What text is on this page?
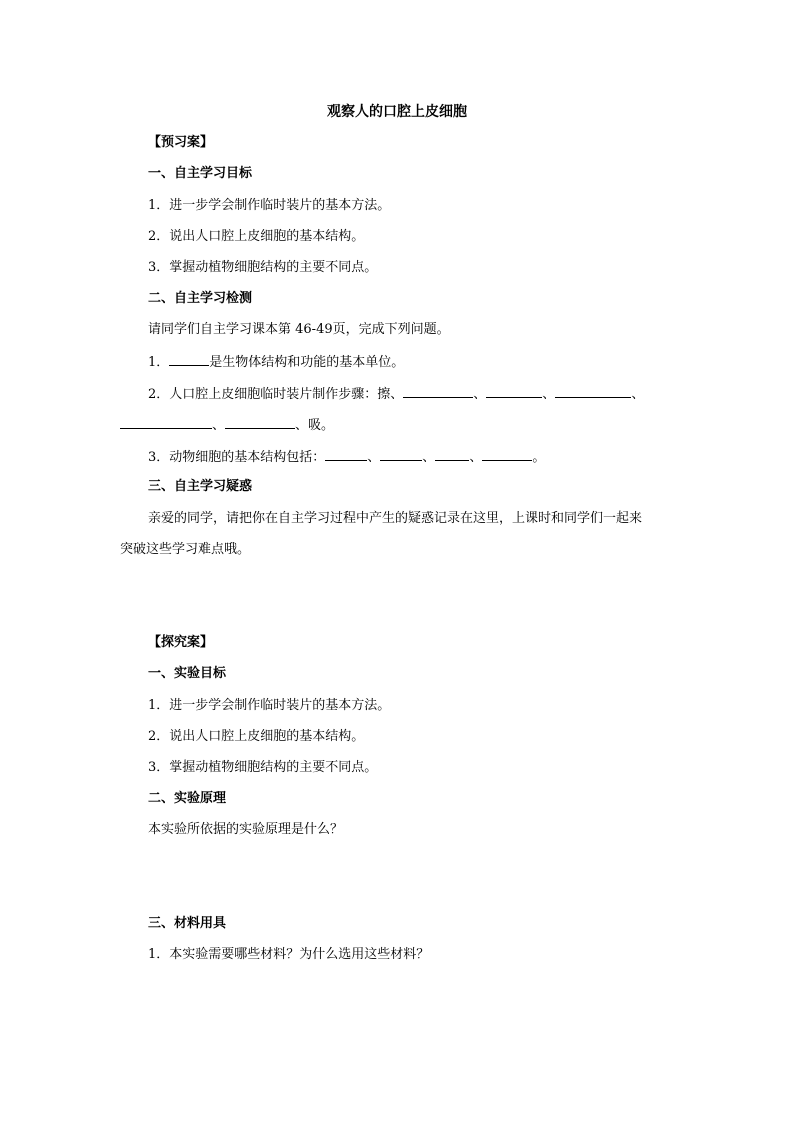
观察人的口腔上皮细胞
【预习案】
一、自主学习目标
1．进一步学会制作临时装片的基本方法。
2．说出人口腔上皮细胞的基本结构。
3．掌握动植物细胞结构的主要不同点。
二、自主学习检测
请同学们自主学习课本第 46-49页，完成下列问题。
1．	是生物体结构和功能的基本单位。
2．人口腔上皮细胞临时装片制作步骤：擦、	、	、	、
、	、吸。
3．动物细胞的基本结构包括：	、	、	、	。
三、自主学习疑惑
亲爱的同学，请把你在自主学习过程中产生的疑惑记录在这里，上课时和同学们一起来
突破这些学习难点哦。
【探究案】
一、实验目标
1．进一步学会制作临时装片的基本方法。
2．说出人口腔上皮细胞的基本结构。
3．掌握动植物细胞结构的主要不同点。
二、实验原理
本实验所依据的实验原理是什么？
三、材料用具
1．本实验需要哪些材料？为什么选用这些材料？
